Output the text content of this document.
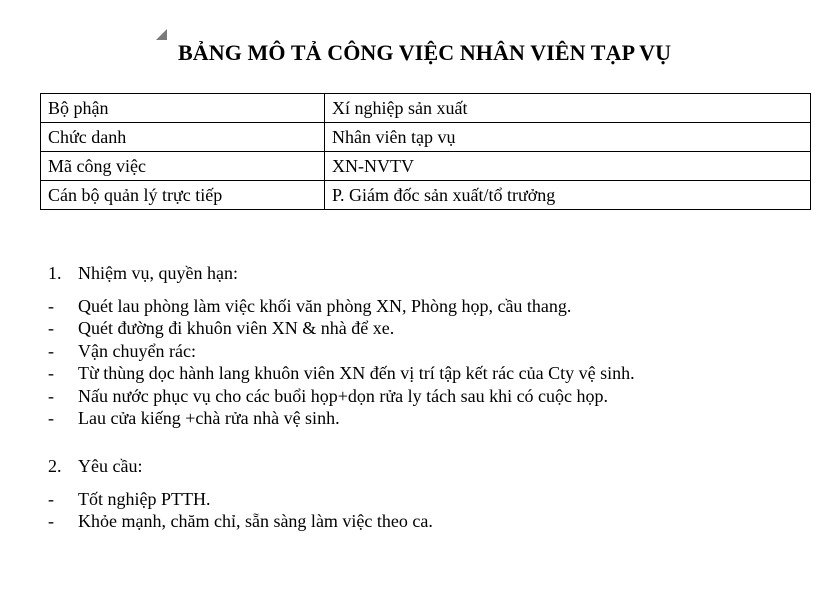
BẢNG MÔ TẢ CÔNG VIỆC NHÂN VIÊN TẠP VỤ
Bộ phận	Xí nghiệp sản xuất
Chức danh	Nhân viên tạp vụ
Mã công việc	XN-NVTV
Cán bộ quản lý trực tiếp	P. Giám đốc sản xuất/tổ trưởng
1. Nhiệm vụ, quyền hạn:
- Quét lau phòng làm việc khối văn phòng XN, Phòng họp, cầu thang.
- Quét đường đi khuôn viên XN & nhà để xe.
- Vận chuyển rác:
- Từ thùng dọc hành lang khuôn viên XN đến vị trí tập kết rác của Cty vệ sinh.
- Nấu nước phục vụ cho các buổi họp+dọn rửa ly tách sau khi có cuộc họp.
- Lau cửa kiếng +chà rửa nhà vệ sinh.
2. Yêu cầu:
- Tốt nghiệp PTTH.
- Khỏe mạnh, chăm chỉ, sẵn sàng làm việc theo ca.
